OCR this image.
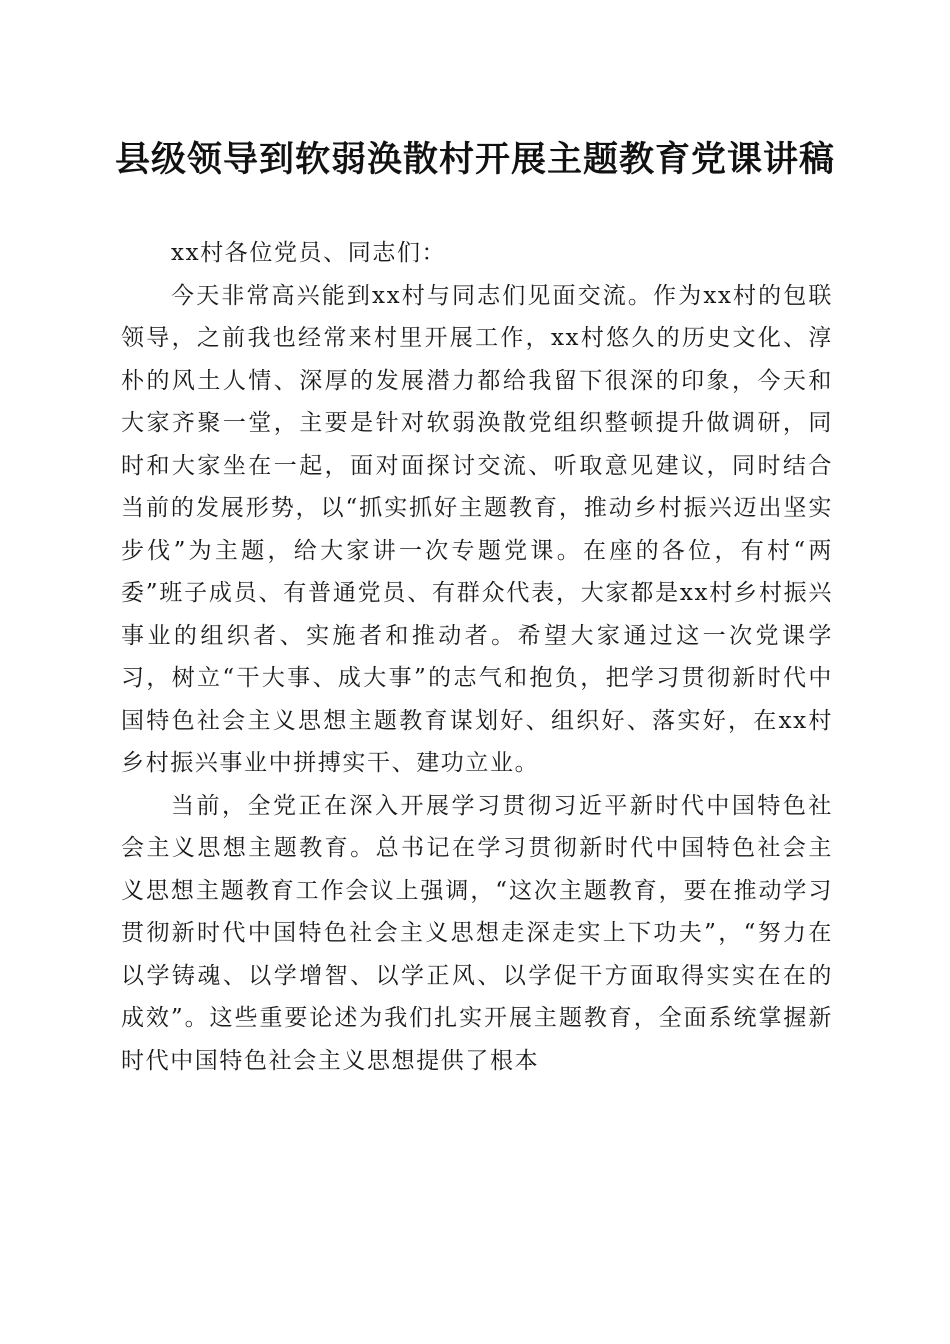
县级领导到软弱涣散村开展主题教育党课讲稿

xx村各位党员、同志们：

今天非常高兴能到xx村与同志们见面交流。作为xx村的包联领导，之前我也经常来村里开展工作，xx村悠久的历史文化、淳朴的风土人情、深厚的发展潜力都给我留下很深的印象，今天和大家齐聚一堂，主要是针对软弱涣散党组织整顿提升做调研，同时和大家坐在一起，面对面探讨交流、听取意见建议，同时结合当前的发展形势，以“抓实抓好主题教育，推动乡村振兴迈出坚实步伐”为主题，给大家讲一次专题党课。在座的各位，有村“两委”班子成员、有普通党员、有群众代表，大家都是xx村乡村振兴事业的组织者、实施者和推动者。希望大家通过这一次党课学习，树立“干大事、成大事”的志气和抱负，把学习贯彻新时代中国特色社会主义思想主题教育谋划好、组织好、落实好，在xx村乡村振兴事业中拼搏实干、建功立业。

当前，全党正在深入开展学习贯彻习近平新时代中国特色社会主义思想主题教育。总书记在学习贯彻新时代中国特色社会主义思想主题教育工作会议上强调，“这次主题教育，要在推动学习贯彻新时代中国特色社会主义思想走深走实上下功夫”，“努力在以学铸魂、以学增智、以学正风、以学促干方面取得实实在在的成效”。这些重要论述为我们扎实开展主题教育，全面系统掌握新时代中国特色社会主义思想提供了根本
